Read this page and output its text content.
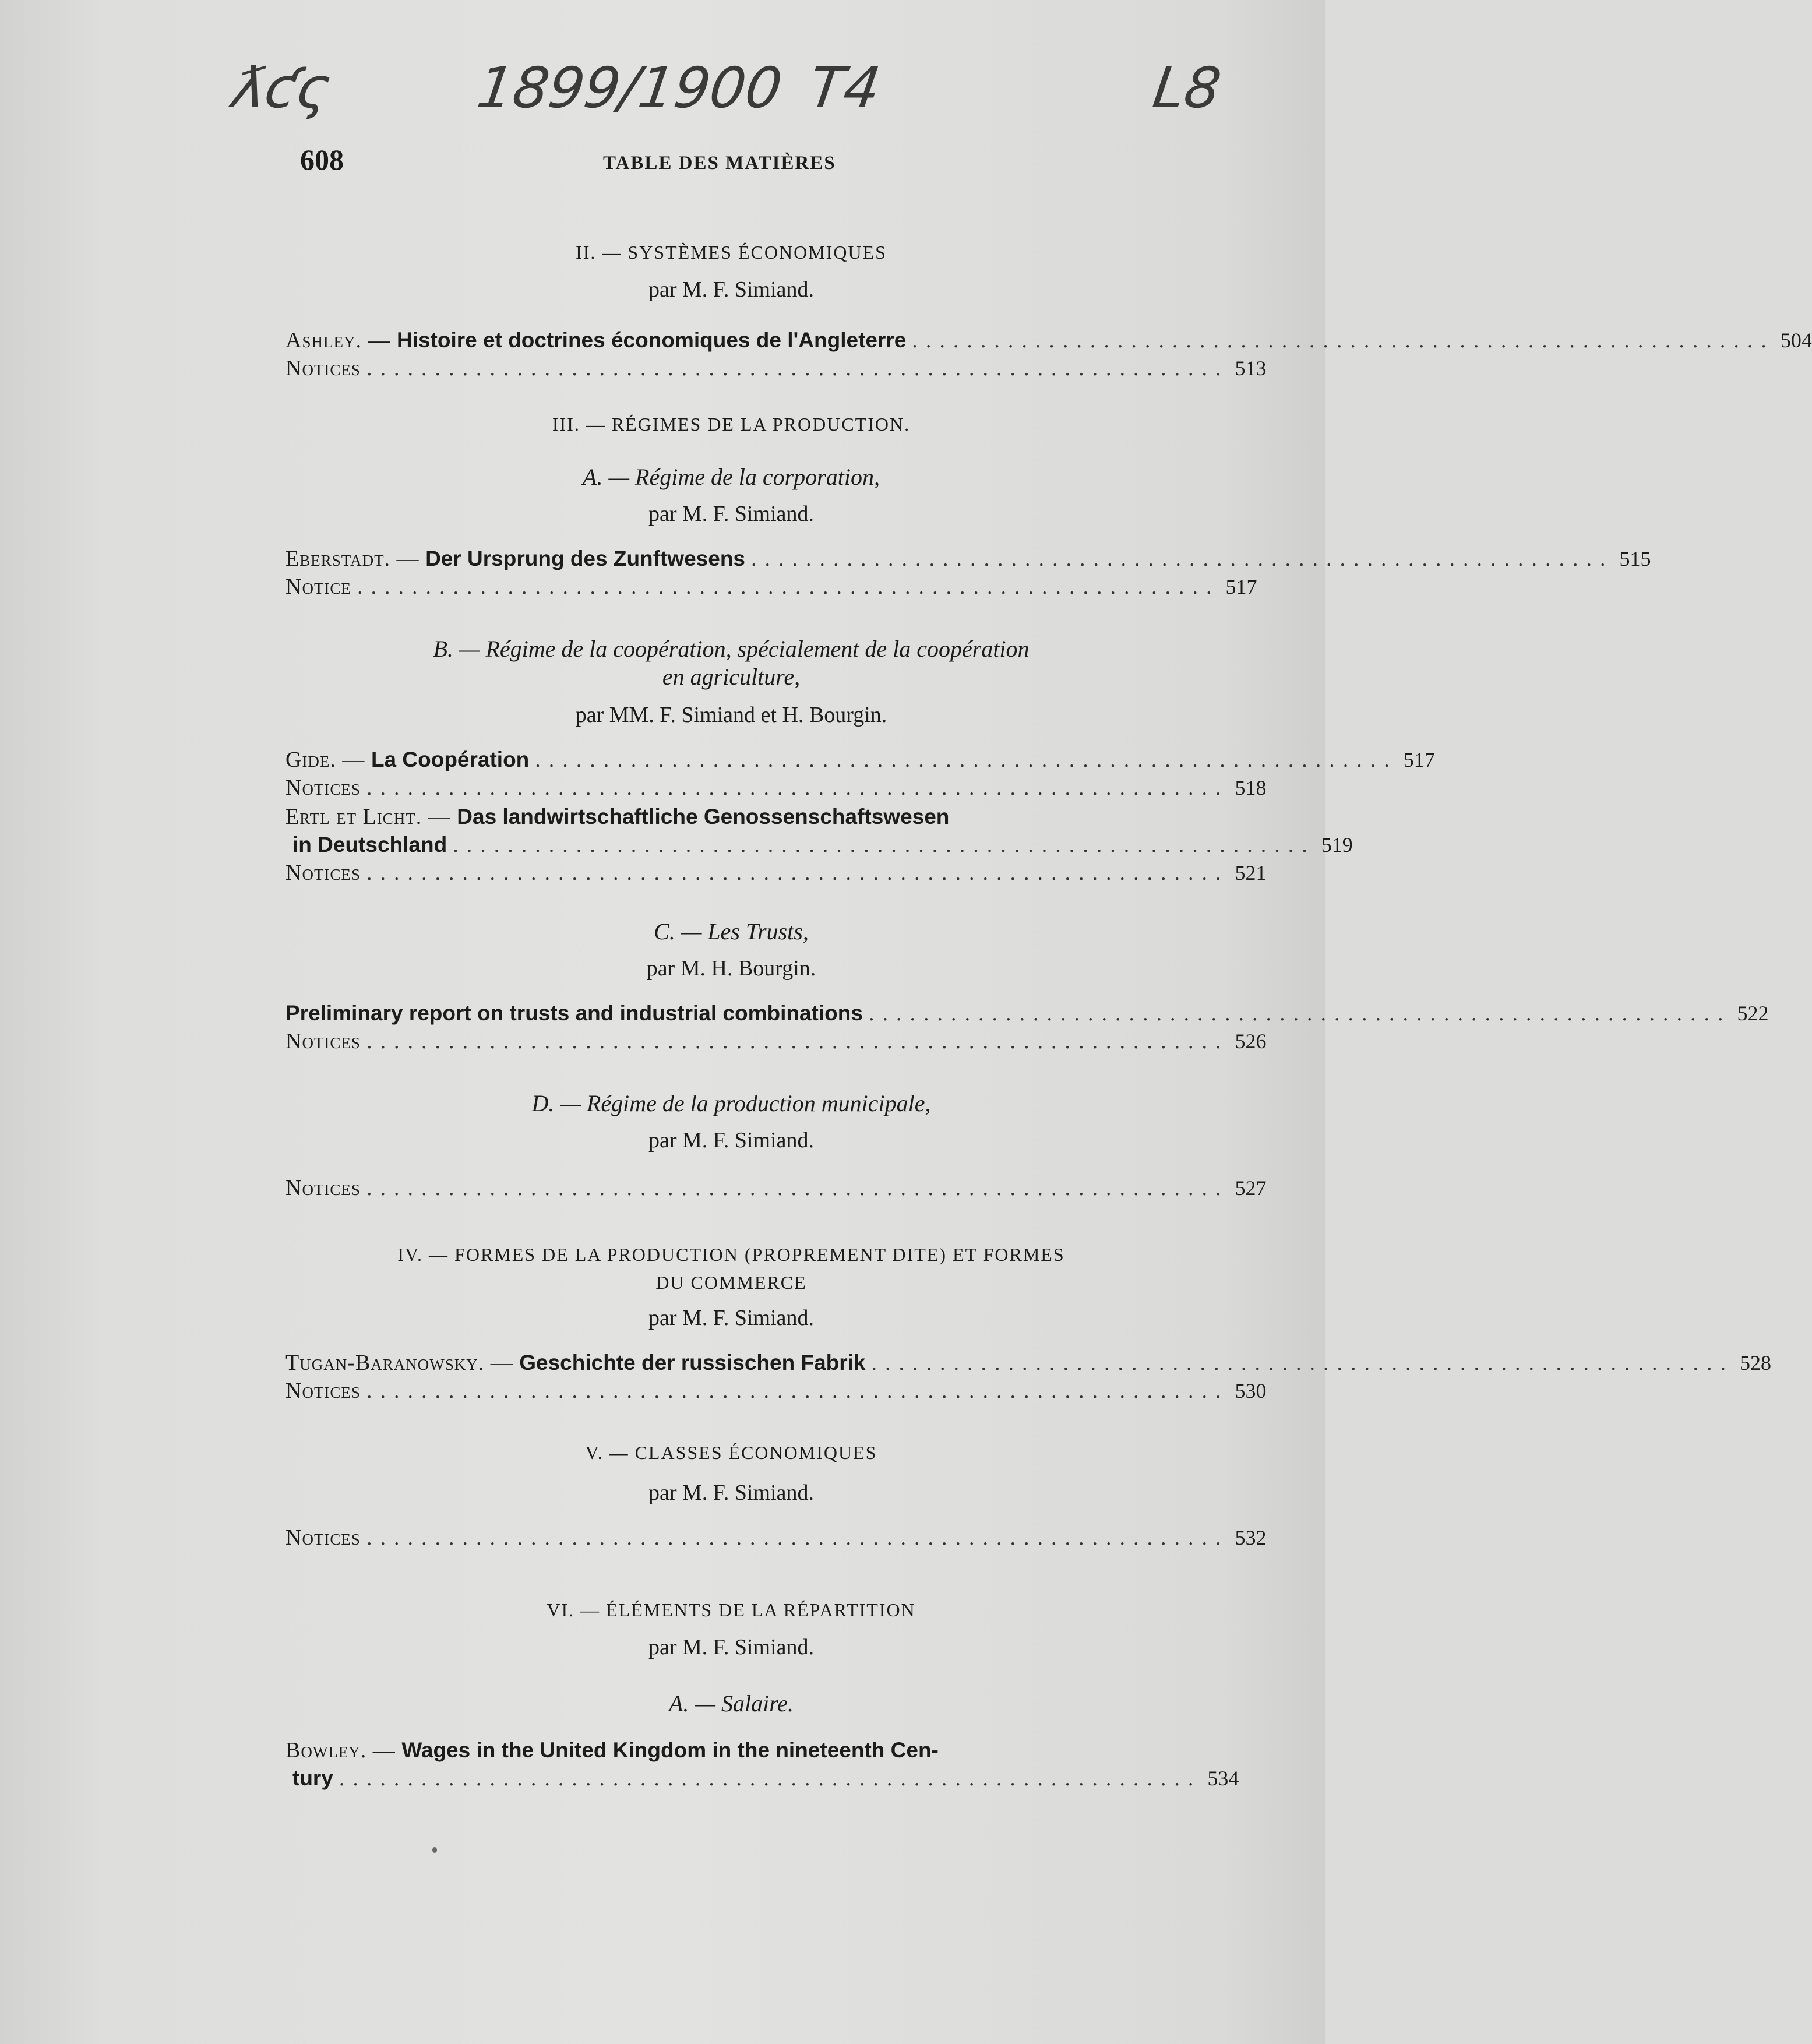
ƛƈς 1899/1900 T4	L8
608	TABLE DES MATIÈRES
II. — SYSTÈMES ÉCONOMIQUES
par M. F. Simiand.
Ashley. — Histoire et doctrines économiques de l'Angleterre ............................................................... 504
Notices ............................................................... 513
III. — RÉGIMES DE LA PRODUCTION.
A. — Régime de la corporation,
par M. F. Simiand.
Eberstadt. — Der Ursprung des Zunftwesens ............................................................... 515
Notice ............................................................... 517
B. — Régime de la coopération, spécialement de la coopération
en agriculture,
par MM. F. Simiand et H. Bourgin.
Gide. — La Coopération ............................................................... 517
Notices ............................................................... 518
Ertl et Licht. — Das landwirtschaftliche Genossenschaftswesen
in Deutschland ............................................................... 519
Notices ............................................................... 521
C. — Les Trusts,
par M. H. Bourgin.
Preliminary report on trusts and industrial combinations ............................................................... 522
Notices ............................................................... 526
D. — Régime de la production municipale,
par M. F. Simiand.
Notices ............................................................... 527
IV. — FORMES DE LA PRODUCTION (PROPREMENT DITE) ET FORMES
DU COMMERCE
par M. F. Simiand.
Tugan-Baranowsky. — Geschichte der russischen Fabrik ............................................................... 528
Notices ............................................................... 530
V. — CLASSES ÉCONOMIQUES
par M. F. Simiand.
Notices ............................................................... 532
VI. — ÉLÉMENTS DE LA RÉPARTITION
par M. F. Simiand.
A. — Salaire.
Bowley. — Wages in the United Kingdom in the nineteenth Cen-
tury ............................................................... 534
